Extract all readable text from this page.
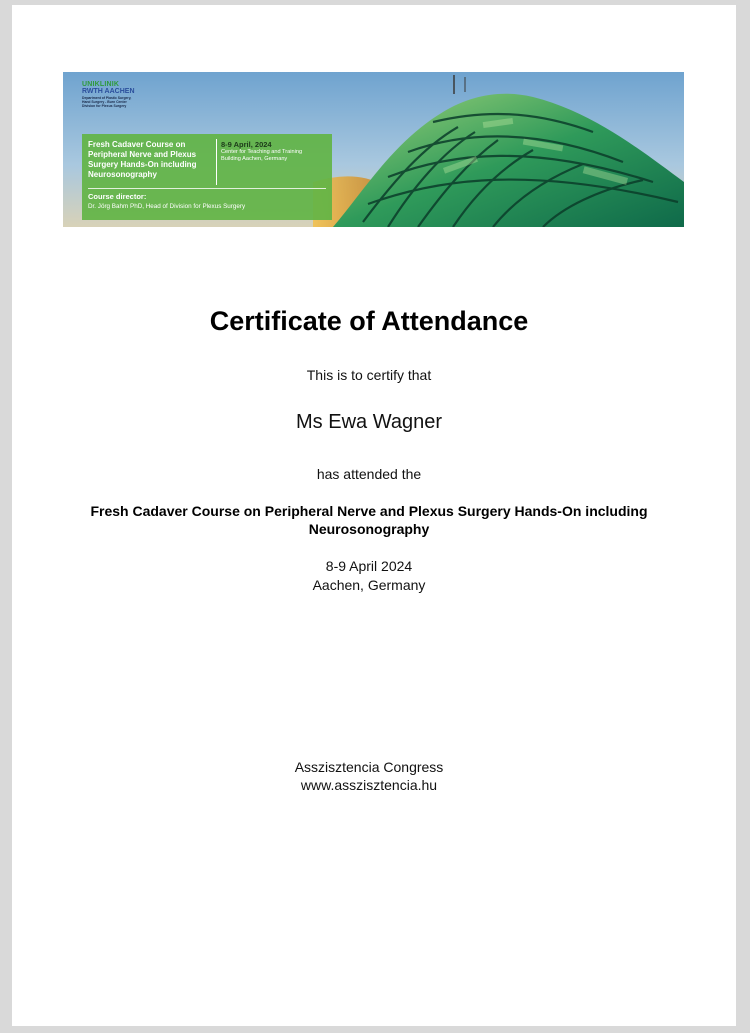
UNIKLINIK
RWTH AACHEN
Department of Plastic Surgery,
Hand Surgery - Burn Center
Division for Plexus Surgery
Fresh Cadaver Course on Peripheral Nerve and Plexus Surgery Hands-On including Neurosonography
8-9 April, 2024
Center for Teaching and Training Building Aachen, Germany
Course director:
Dr. Jörg Bahm PhD, Head of Division for Plexus Surgery
Certificate of Attendance
This is to certify that
Ms Ewa Wagner
has attended the
Fresh Cadaver Course on Peripheral Nerve and Plexus Surgery Hands-On including Neurosonography
8-9 April 2024
Aachen, Germany
Asszisztencia Congress
www.asszisztencia.hu
